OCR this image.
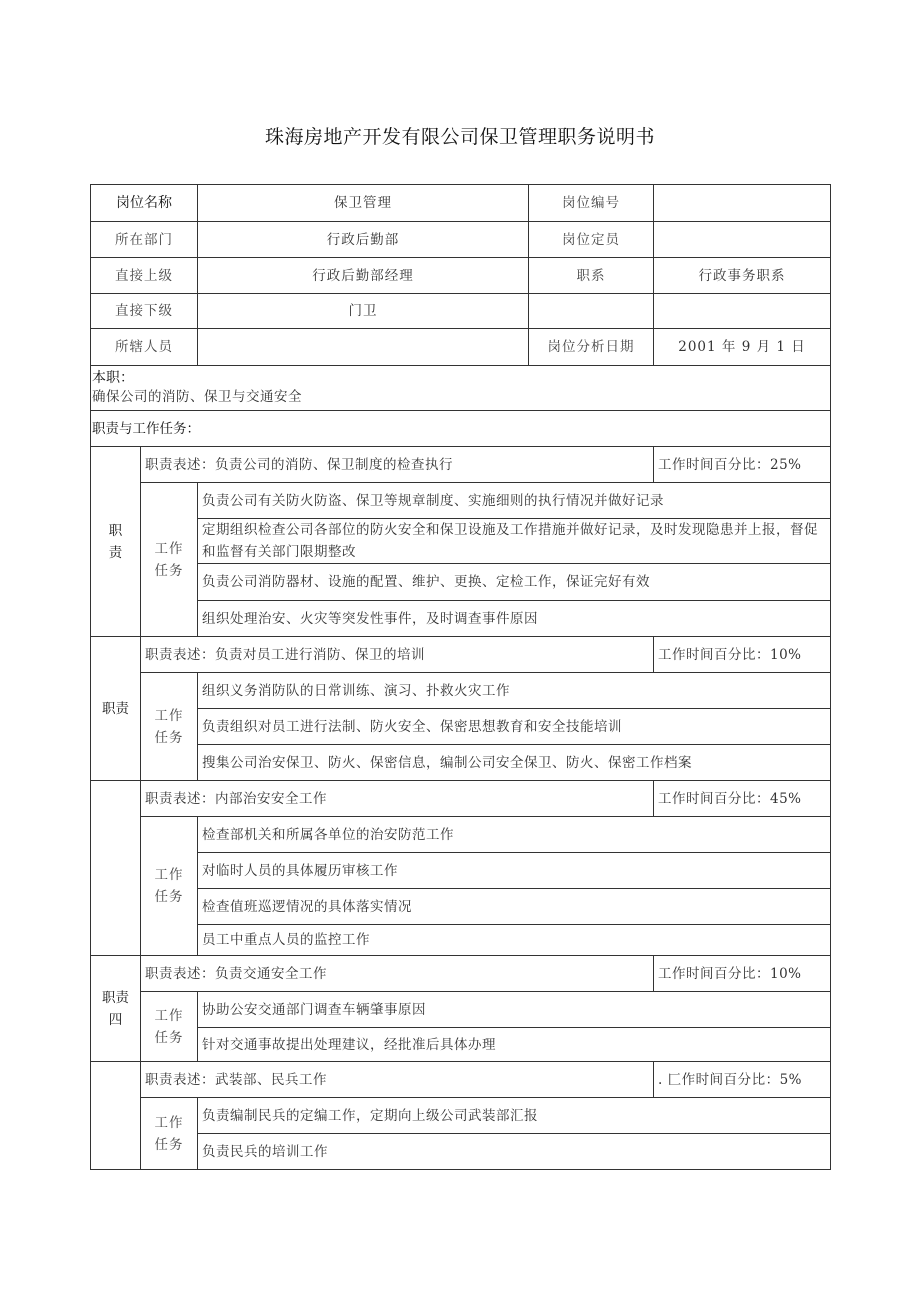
珠海房地产开发有限公司保卫管理职务说明书
岗位名称		保卫管理	岗位编号	
所在部门		行政后勤部	岗位定员	
直接上级		行政后勤部经理	职系	行政事务职系
直接下级		门卫		
所辖人员			岗位分析日期	2001 年 9 月 1 日

本职：
确保公司的消防、保卫与交通安全				

职责与工作任务：				

职
责	职责表述：负责公司的消防、保卫制度的检查执行			工作时间百分比：25%

	工作
任务	负责公司有关防火防盗、保卫等规章制度、实施细则的执行情况并做好记录		
		定期组织检查公司各部位的防火安全和保卫设施及工作措施并做好记录，及时发现隐患并上报，督促和监督有关部门限期整改		

		负责公司消防器材、设施的配置、维护、更换、定检工作，保证完好有效		
		组织处理治安、火灾等突发性事件，及时调查事件原因		

职责	职责表述：负责对员工进行消防、保卫的培训			工作时间百分比：10%

	工作
任务	组织义务消防队的日常训练、演习、扑救火灾工作		
		负责组织对员工进行法制、防火安全、保密思想教育和安全技能培训		
		搜集公司治安保卫、防火、保密信息，编制公司安全保卫、防火、保密工作档案		

	职责表述：内部治安安全工作			工作时间百分比：45%

	工作
任务	检查部机关和所属各单位的治安防范工作		
		对临时人员的具体履历审核工作		
		检查值班巡逻情况的具体落实情况		
		员工中重点人员的监控工作		

职责
四	职责表述：负责交通安全工作			工作时间百分比：10%

	工作
任务	协助公安交通部门调查车辆肇事原因		
		针对交通事故提出处理建议，经批准后具体办理		

	职责表述：武装部、民兵工作			. 匚作时间百分比：5%

	工作
任务	负责编制民兵的定编工作，定期向上级公司武装部汇报		
		负责民兵的培训工作		
